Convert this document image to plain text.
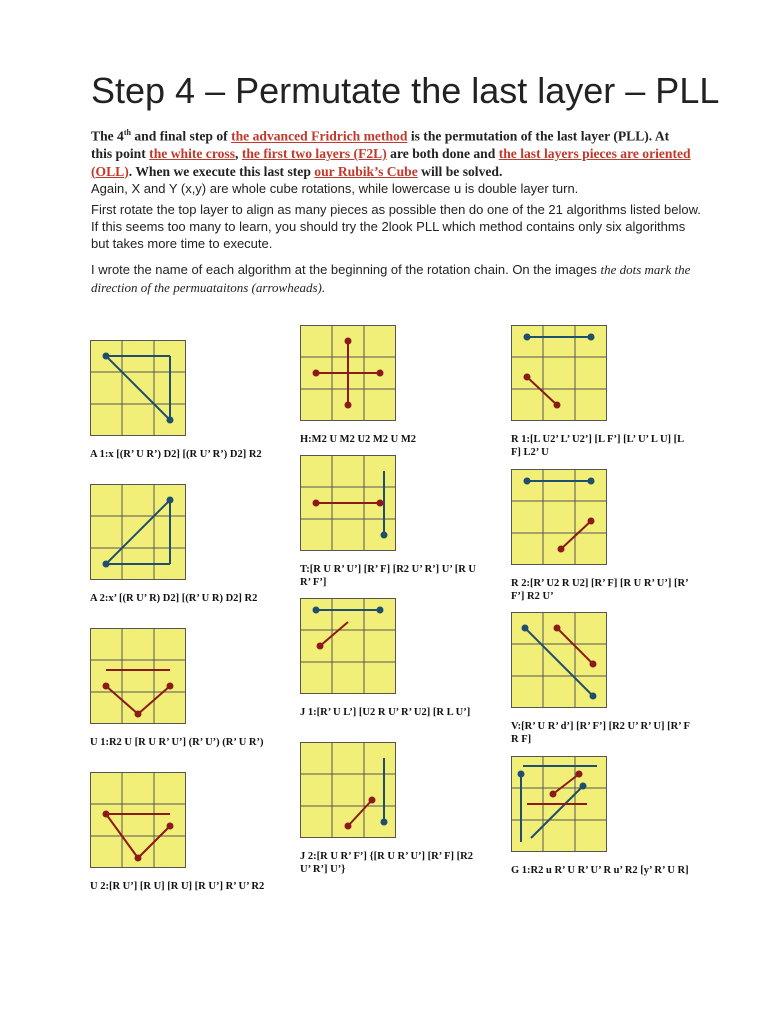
Step 4 – Permutate the last layer – PLL
The 4th and final step of the advanced Fridrich method is the permutation of the last layer (PLL). At this point the white cross, the first two layers (F2L) are both done and the last layers pieces are oriented (OLL). When we execute this last step our Rubik’s Cube will be solved.
Again, X and Y (x,y) are whole cube rotations, while lowercase u is double layer turn.
First rotate the top layer to align as many pieces as possible then do one of the 21 algorithms listed below. If this seems too many to learn, you should try the 2look PLL which method contains only six algorithms but takes more time to execute.
I wrote the name of each algorithm at the beginning of the rotation chain. On the images the dots mark the direction of the permuataitons (arrowheads).
A 1:x [(R’ U R’) D2] [(R U’ R’) D2] R2
A 2:x’ [(R U’ R) D2] [(R’ U R) D2] R2
U 1:R2 U [R U R’ U’] (R’ U’) (R’ U R’)
U 2:[R U’] [R U] [R U] [R U’] R’ U’ R2
H:M2 U M2 U2 M2 U M2
T:[R U R’ U’] [R’ F] [R2 U’ R’] U’ [R U R’ F’]
J 1:[R’ U L’] [U2 R U’ R’ U2] [R L U’]
J 2:[R U R’ F’] {[R U R’ U’] [R’ F] [R2 U’ R’] U’}
R 1:[L U2’ L’ U2’] [L F’] [L’ U’ L U] [L F] L2’ U
R 2:[R’ U2 R U2] [R’ F] [R U R’ U’] [R’ F’] R2 U’
V:[R’ U R’ d’] [R’ F’] [R2 U’ R’ U] [R’ F R F]
G 1:R2 u R’ U R’ U’ R u’ R2 [y’ R’ U R]
